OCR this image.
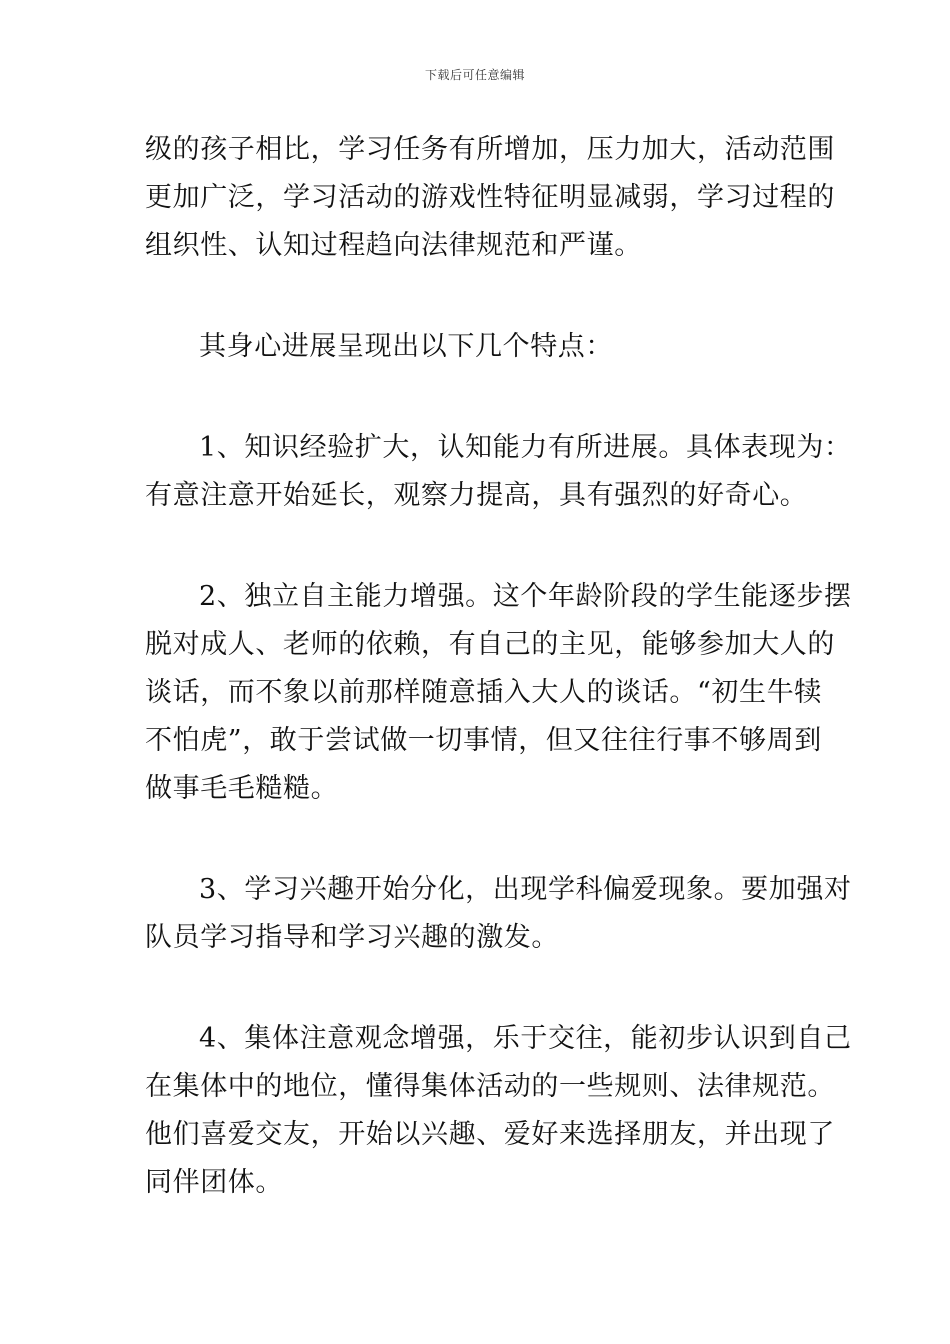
下载后可任意编辑
级的孩子相比，学习任务有所增加，压力加大，活动范围
更加广泛，学习活动的游戏性特征明显减弱，学习过程的
组织性、认知过程趋向法律规范和严谨。
其身心进展呈现出以下几个特点：
1、知识经验扩大，认知能力有所进展。具体表现为：
有意注意开始延长，观察力提高，具有强烈的好奇心。
2、独立自主能力增强。这个年龄阶段的学生能逐步摆
脱对成人、老师的依赖，有自己的主见，能够参加大人的
谈话，而不象以前那样随意插入大人的谈话。“初生牛犊
不怕虎”，敢于尝试做一切事情，但又往往行事不够周到
做事毛毛糙糙。
3、学习兴趣开始分化，出现学科偏爱现象。要加强对
队员学习指导和学习兴趣的激发。
4、集体注意观念增强，乐于交往，能初步认识到自己
在集体中的地位，懂得集体活动的一些规则、法律规范。
他们喜爱交友，开始以兴趣、爱好来选择朋友，并出现了
同伴团体。
